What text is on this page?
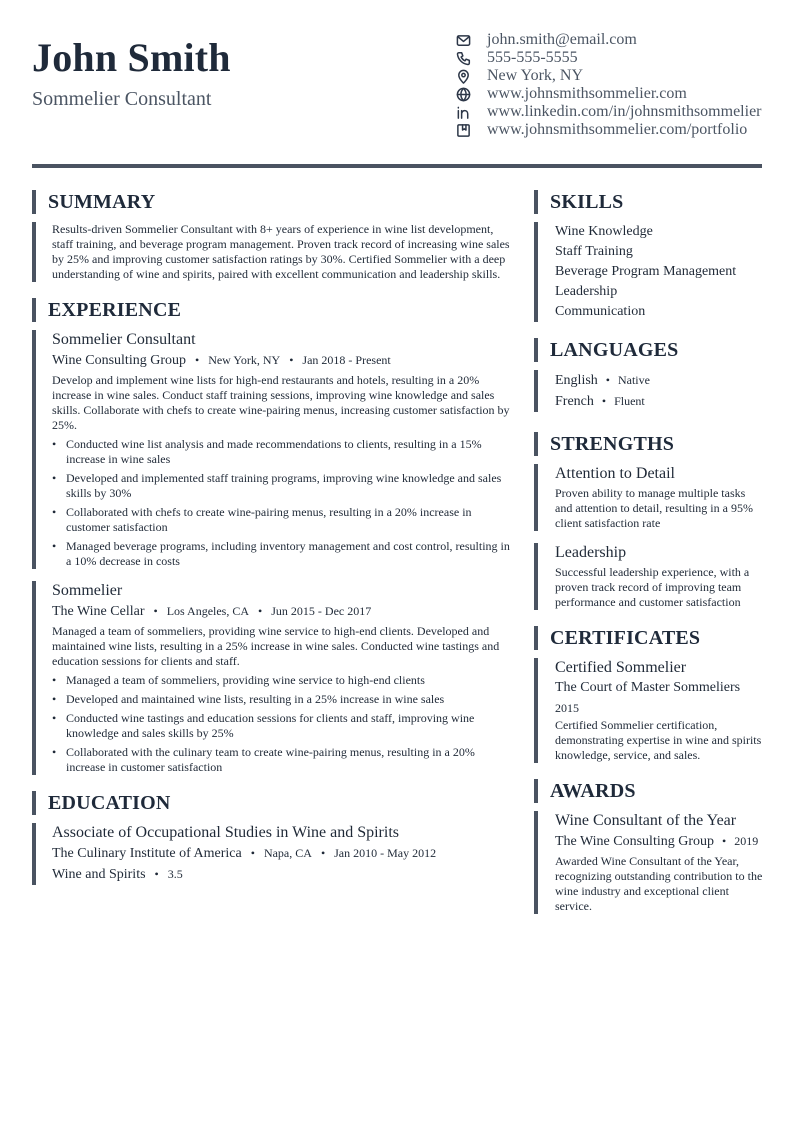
John Smith
Sommelier Consultant
john.smith@email.com
555-555-5555
New York, NY
www.johnsmithsommelier.com
www.linkedin.com/in/johnsmithsommelier
www.johnsmithsommelier.com/portfolio
SUMMARY
Results-driven Sommelier Consultant with 8+ years of experience in wine list development, staff training, and beverage program management. Proven track record of increasing wine sales by 25% and improving customer satisfaction ratings by 30%. Certified Sommelier with a deep understanding of wine and spirits, paired with excellent communication and leadership skills.
EXPERIENCE
Sommelier Consultant
Wine Consulting Group • New York, NY • Jan 2018 - Present
Develop and implement wine lists for high-end restaurants and hotels, resulting in a 20% increase in wine sales. Conduct staff training sessions, improving wine knowledge and sales skills. Collaborate with chefs to create wine-pairing menus, increasing customer satisfaction by 25%.
• Conducted wine list analysis and made recommendations to clients, resulting in a 15% increase in wine sales
• Developed and implemented staff training programs, improving wine knowledge and sales skills by 30%
• Collaborated with chefs to create wine-pairing menus, resulting in a 20% increase in customer satisfaction
• Managed beverage programs, including inventory management and cost control, resulting in a 10% decrease in costs
Sommelier
The Wine Cellar • Los Angeles, CA • Jun 2015 - Dec 2017
Managed a team of sommeliers, providing wine service to high-end clients. Developed and maintained wine lists, resulting in a 25% increase in wine sales. Conducted wine tastings and education sessions for clients and staff.
• Managed a team of sommeliers, providing wine service to high-end clients
• Developed and maintained wine lists, resulting in a 25% increase in wine sales
• Conducted wine tastings and education sessions for clients and staff, improving wine knowledge and sales skills by 25%
• Collaborated with the culinary team to create wine-pairing menus, resulting in a 20% increase in customer satisfaction
EDUCATION
Associate of Occupational Studies in Wine and Spirits
The Culinary Institute of America • Napa, CA • Jan 2010 - May 2012
Wine and Spirits • 3.5
SKILLS
Wine Knowledge
Staff Training
Beverage Program Management
Leadership
Communication
LANGUAGES
English • Native
French • Fluent
STRENGTHS
Attention to Detail
Proven ability to manage multiple tasks and attention to detail, resulting in a 95% client satisfaction rate
Leadership
Successful leadership experience, with a proven track record of improving team performance and customer satisfaction
CERTIFICATES
Certified Sommelier
The Court of Master Sommeliers
2015
Certified Sommelier certification, demonstrating expertise in wine and spirits knowledge, service, and sales.
AWARDS
Wine Consultant of the Year
The Wine Consulting Group • 2019
Awarded Wine Consultant of the Year, recognizing outstanding contribution to the wine industry and exceptional client service.
